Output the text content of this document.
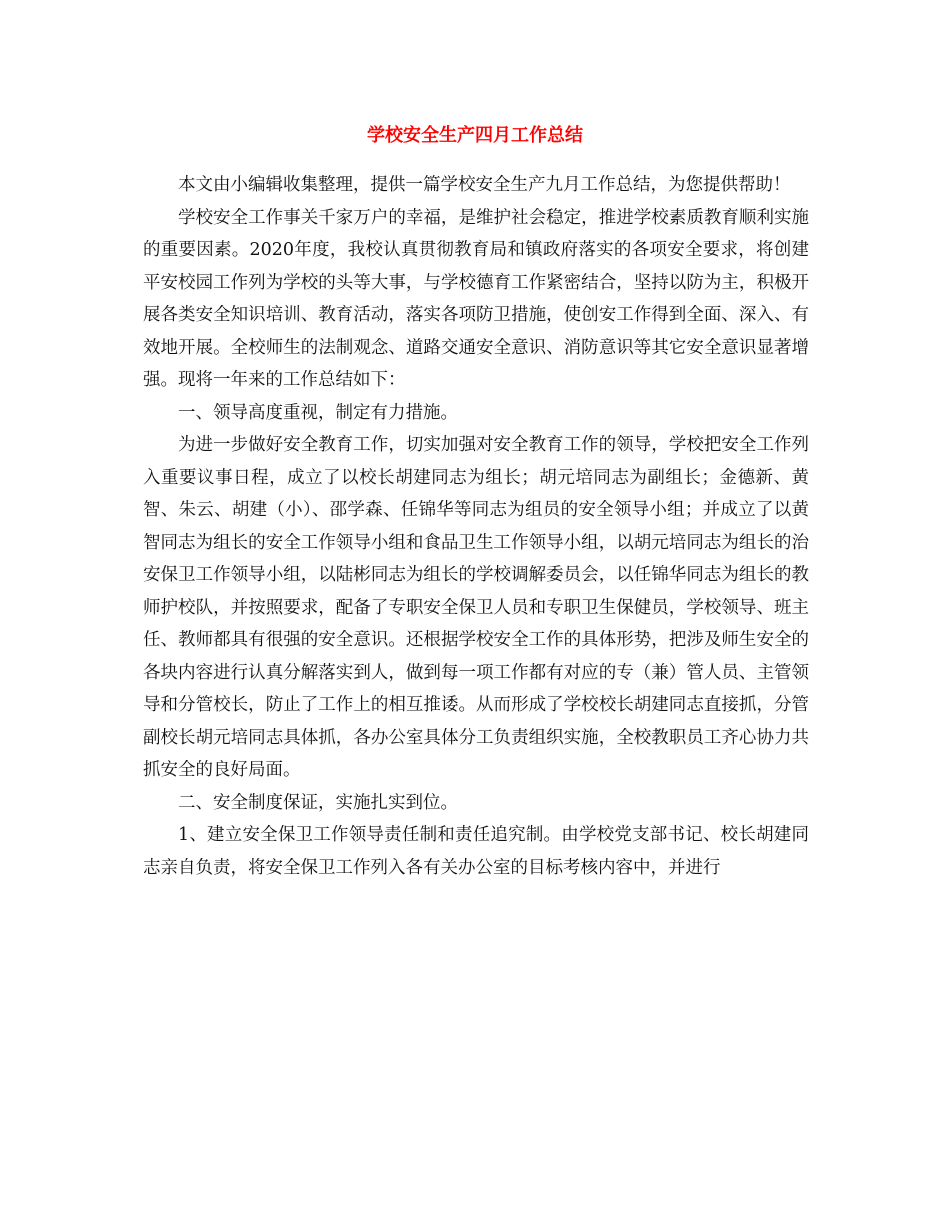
学校安全生产四月工作总结

本文由小编辑收集整理，提供一篇学校安全生产九月工作总结，为您提供帮助！

学校安全工作事关千家万户的幸福，是维护社会稳定，推进学校素质教育顺利实施的重要因素。2020年度，我校认真贯彻教育局和镇政府落实的各项安全要求，将创建平安校园工作列为学校的头等大事，与学校德育工作紧密结合，坚持以防为主，积极开展各类安全知识培训、教育活动，落实各项防卫措施，使创安工作得到全面、深入、有效地开展。全校师生的法制观念、道路交通安全意识、消防意识等其它安全意识显著增强。现将一年来的工作总结如下：

一、领导高度重视，制定有力措施。

为进一步做好安全教育工作，切实加强对安全教育工作的领导，学校把安全工作列入重要议事日程，成立了以校长胡建同志为组长；胡元培同志为副组长；金德新、黄智、朱云、胡建（小）、邵学森、任锦华等同志为组员的安全领导小组；并成立了以黄智同志为组长的安全工作领导小组和食品卫生工作领导小组，以胡元培同志为组长的治安保卫工作领导小组，以陆彬同志为组长的学校调解委员会，以任锦华同志为组长的教师护校队，并按照要求，配备了专职安全保卫人员和专职卫生保健员，学校领导、班主任、教师都具有很强的安全意识。还根据学校安全工作的具体形势，把涉及师生安全的各块内容进行认真分解落实到人，做到每一项工作都有对应的专（兼）管人员、主管领导和分管校长，防止了工作上的相互推诿。从而形成了学校校长胡建同志直接抓，分管副校长胡元培同志具体抓，各办公室具体分工负责组织实施，全校教职员工齐心协力共抓安全的良好局面。

二、安全制度保证，实施扎实到位。

1、建立安全保卫工作领导责任制和责任追究制。由学校党支部书记、校长胡建同志亲自负责，将安全保卫工作列入各有关办公室的目标考核内容中，并进行
